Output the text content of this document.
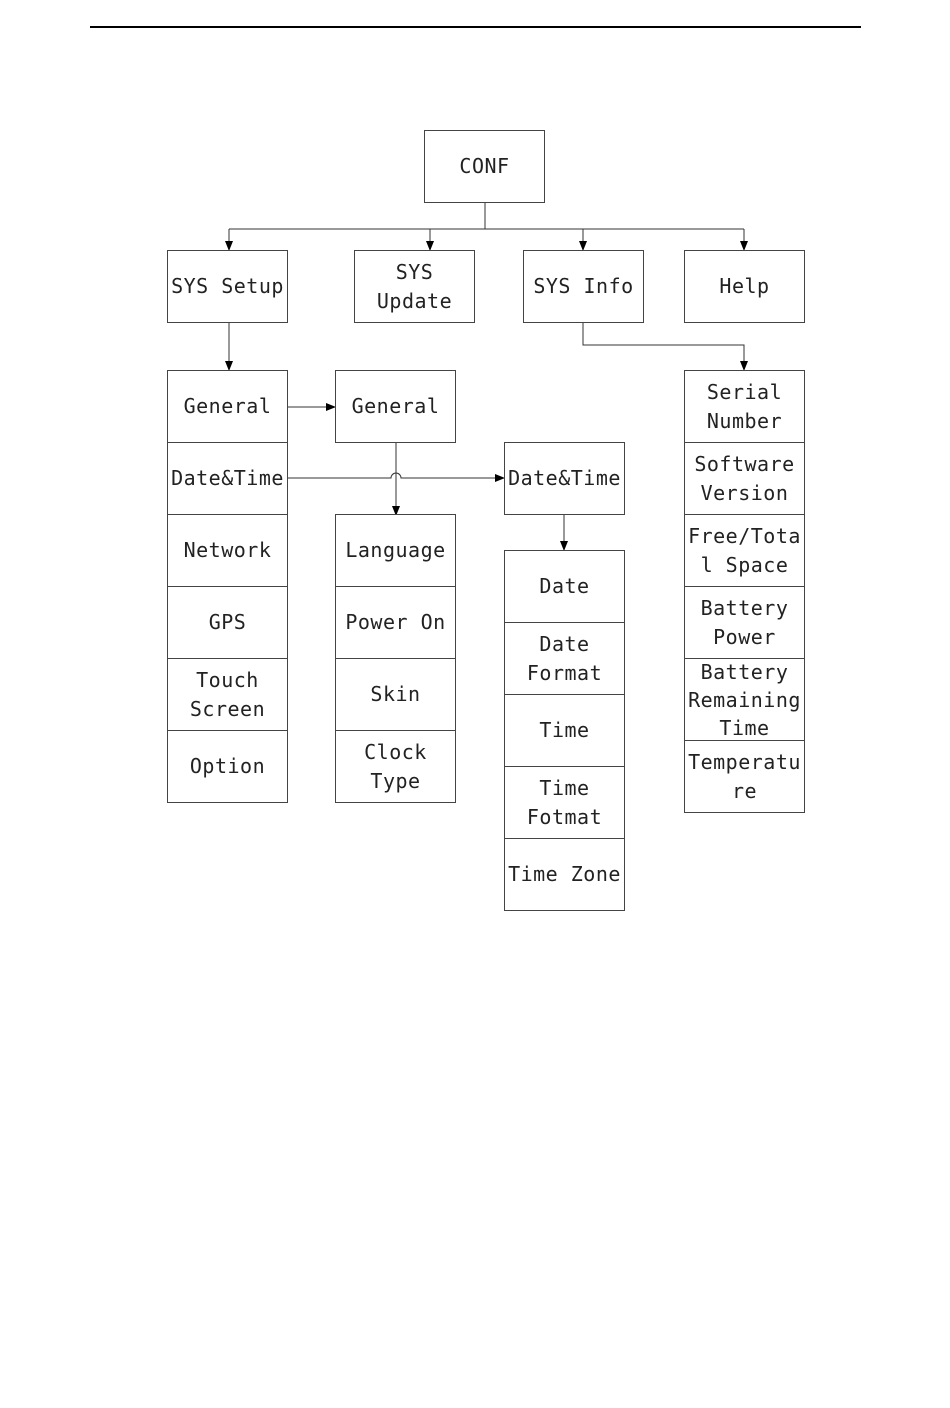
CONF
SYS Setup
SYS
Update
SYS Info	Help
General
Date&Time
Network
GPS
Touch
Screen
Option
General
Language
Power On
Skin
Clock
Type
Date&Time
Date
Date
Format
Time
Time
Fotmat
Time Zone
Serial
Number
Software
Version
Free/Tota
l Space
Battery
Power
Battery
Remaining
Time
Temperatu
re
